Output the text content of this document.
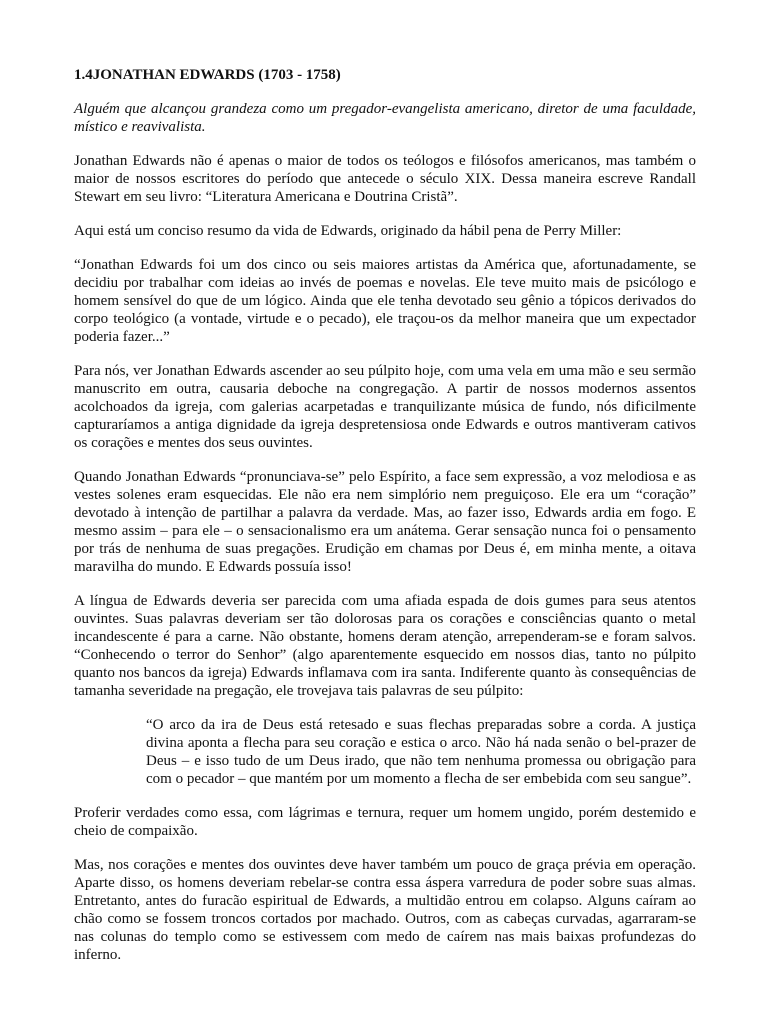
1.4JONATHAN EDWARDS (1703 - 1758)

Alguém que alcançou grandeza como um pregador-evangelista americano, diretor de uma faculdade, místico e reavivalista.

Jonathan Edwards não é apenas o maior de todos os teólogos e filósofos americanos, mas também o maior de nossos escritores do período que antecede o século XIX. Dessa maneira escreve Randall Stewart em seu livro: “Literatura Americana e Doutrina Cristã”.

Aqui está um conciso resumo da vida de Edwards, originado da hábil pena de Perry Miller:

“Jonathan Edwards foi um dos cinco ou seis maiores artistas da América que, afortunadamente, se decidiu por trabalhar com ideias ao invés de poemas e novelas. Ele teve muito mais de psicólogo e homem sensível do que de um lógico. Ainda que ele tenha devotado seu gênio a tópicos derivados do corpo teológico (a vontade, virtude e o pecado), ele traçou-os da melhor maneira que um expectador poderia fazer...”

Para nós, ver Jonathan Edwards ascender ao seu púlpito hoje, com uma vela em uma mão e seu sermão manuscrito em outra, causaria deboche na congregação. A partir de nossos modernos assentos acolchoados da igreja, com galerias acarpetadas e tranquilizante música de fundo, nós dificilmente capturaríamos a antiga dignidade da igreja despretensiosa onde Edwards e outros mantiveram cativos os corações e mentes dos seus ouvintes.

Quando Jonathan Edwards “pronunciava-se” pelo Espírito, a face sem expressão, a voz melodiosa e as vestes solenes eram esquecidas. Ele não era nem simplório nem preguiçoso. Ele era um “coração” devotado à intenção de partilhar a palavra da verdade. Mas, ao fazer isso, Edwards ardia em fogo. E mesmo assim – para ele – o sensacionalismo era um anátema. Gerar sensação nunca foi o pensamento por trás de nenhuma de suas pregações. Erudição em chamas por Deus é, em minha mente, a oitava maravilha do mundo. E Edwards possuía isso!

A língua de Edwards deveria ser parecida com uma afiada espada de dois gumes para seus atentos ouvintes. Suas palavras deveriam ser tão dolorosas para os corações e consciências quanto o metal incandescente é para a carne. Não obstante, homens deram atenção, arrependeram-se e foram salvos. “Conhecendo o terror do Senhor” (algo aparentemente esquecido em nossos dias, tanto no púlpito quanto nos bancos da igreja) Edwards inflamava com ira santa. Indiferente quanto às consequências de tamanha severidade na pregação, ele trovejava tais palavras de seu púlpito:

“O arco da ira de Deus está retesado e suas flechas preparadas sobre a corda. A justiça divina aponta a flecha para seu coração e estica o arco. Não há nada senão o bel-prazer de Deus – e isso tudo de um Deus irado, que não tem nenhuma promessa ou obrigação para com o pecador – que mantém por um momento a flecha de ser embebida com seu sangue”.

Proferir verdades como essa, com lágrimas e ternura, requer um homem ungido, porém destemido e cheio de compaixão.

Mas, nos corações e mentes dos ouvintes deve haver também um pouco de graça prévia em operação. Aparte disso, os homens deveriam rebelar-se contra essa áspera varredura de poder sobre suas almas. Entretanto, antes do furacão espiritual de Edwards, a multidão entrou em colapso. Alguns caíram ao chão como se fossem troncos cortados por machado. Outros, com as cabeças curvadas, agarraram-se nas colunas do templo como se estivessem com medo de caírem nas mais baixas profundezas do inferno.
